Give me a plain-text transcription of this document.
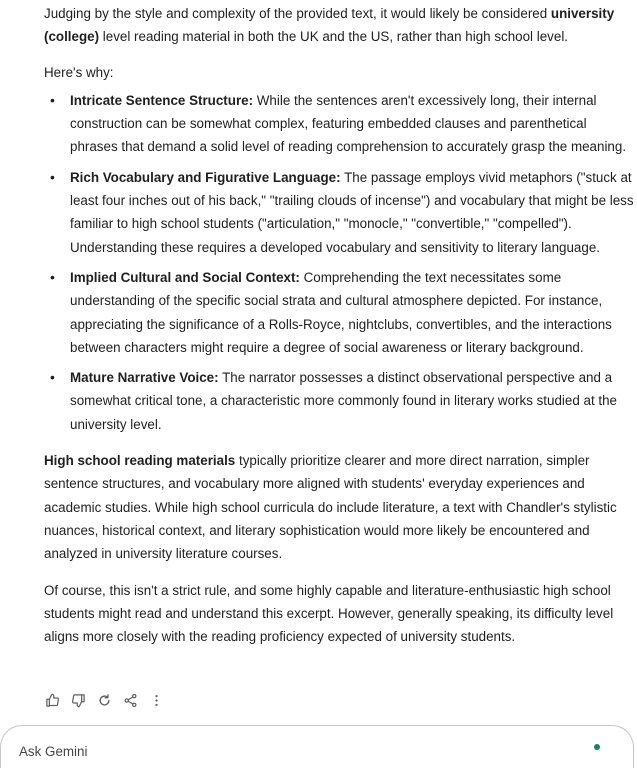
Judging by the style and complexity of the provided text, it would likely be considered university (college) level reading material in both the UK and the US, rather than high school level.

Here's why:

• Intricate Sentence Structure: While the sentences aren't excessively long, their internal construction can be somewhat complex, featuring embedded clauses and parenthetical phrases that demand a solid level of reading comprehension to accurately grasp the meaning.
• Rich Vocabulary and Figurative Language: The passage employs vivid metaphors ("stuck at least four inches out of his back," "trailing clouds of incense") and vocabulary that might be less familiar to high school students ("articulation," "monocle," "convertible," "compelled"). Understanding these requires a developed vocabulary and sensitivity to literary language.
• Implied Cultural and Social Context: Comprehending the text necessitates some understanding of the specific social strata and cultural atmosphere depicted. For instance, appreciating the significance of a Rolls-Royce, nightclubs, convertibles, and the interactions between characters might require a degree of social awareness or literary background.
• Mature Narrative Voice: The narrator possesses a distinct observational perspective and a somewhat critical tone, a characteristic more commonly found in literary works studied at the university level.

High school reading materials typically prioritize clearer and more direct narration, simpler sentence structures, and vocabulary more aligned with students' everyday experiences and academic studies. While high school curricula do include literature, a text with Chandler's stylistic nuances, historical context, and literary sophistication would more likely be encountered and analyzed in university literature courses.

Of course, this isn't a strict rule, and some highly capable and literature-enthusiastic high school students might read and understand this excerpt. However, generally speaking, its difficulty level aligns more closely with the reading proficiency expected of university students.

Ask Gemini
